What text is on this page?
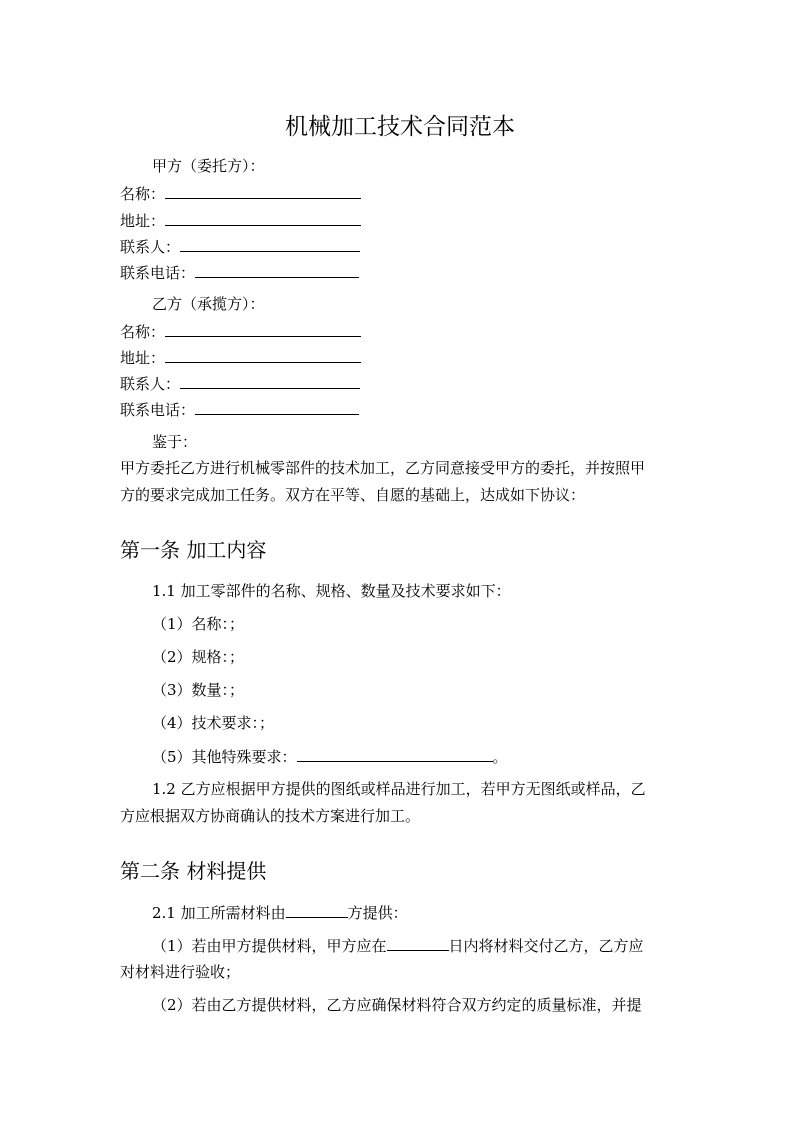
机械加工技术合同范本
甲方（委托方）：
名称：
地址：
联系人：
联系电话：
乙方（承揽方）：
名称：
地址：
联系人：
联系电话：
鉴于：
甲方委托乙方进行机械零部件的技术加工，乙方同意接受甲方的委托，并按照甲
方的要求完成加工任务。双方在平等、自愿的基础上，达成如下协议：
第一条 加工内容
1.1 加工零部件的名称、规格、数量及技术要求如下：
（1）名称：；
（2）规格：；
（3）数量：；
（4）技术要求：；
（5）其他特殊要求：	。
1.2 乙方应根据甲方提供的图纸或样品进行加工，若甲方无图纸或样品，乙
方应根据双方协商确认的技术方案进行加工。
第二条 材料提供
2.1 加工所需材料由	方提供：
（1）若由甲方提供材料，甲方应在	日内将材料交付乙方，乙方应
对材料进行验收；
（2）若由乙方提供材料，乙方应确保材料符合双方约定的质量标准，并提
